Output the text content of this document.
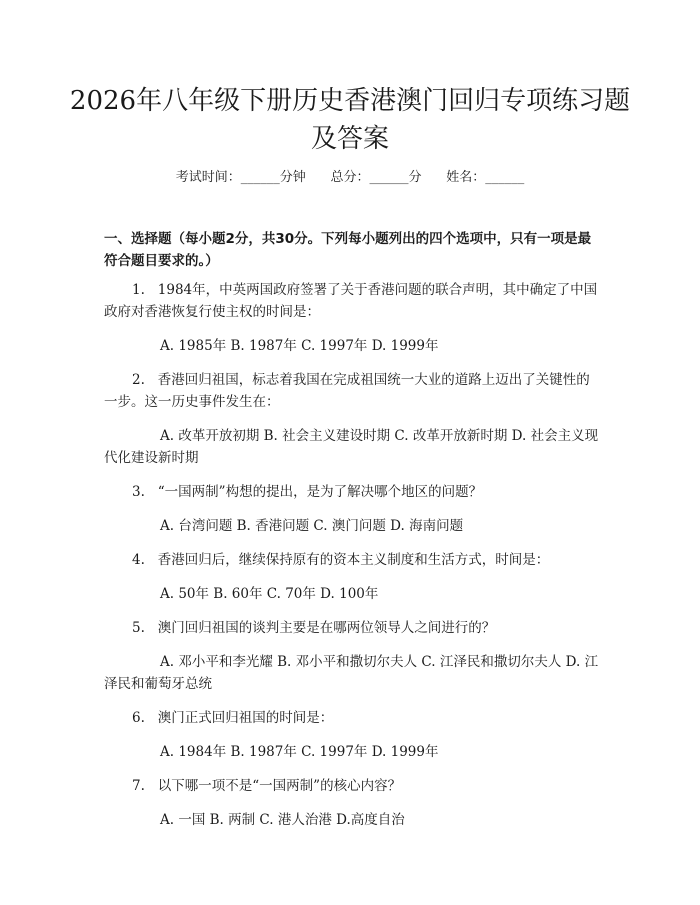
2026年八年级下册历史香港澳门回归专项练习题及答案
考试时间：______分钟      总分：______分      姓名：______
一、选择题（每小题2分，共30分。下列每小题列出的四个选项中，只有一项是最符合题目要求的。）

1. 1984年，中英两国政府签署了关于香港问题的联合声明，其中确定了中国政府对香港恢复行使主权的时间是：

A. 1985年 B. 1987年 C. 1997年 D. 1999年

2. 香港回归祖国，标志着我国在完成祖国统一大业的道路上迈出了关键性的一步。这一历史事件发生在：

A. 改革开放初期 B. 社会主义建设时期 C. 改革开放新时期 D. 社会主义现代化建设新时期

3. “一国两制”构想的提出，是为了解决哪个地区的问题？

A. 台湾问题 B. 香港问题 C. 澳门问题 D. 海南问题

4. 香港回归后，继续保持原有的资本主义制度和生活方式，时间是：

A. 50年 B. 60年 C. 70年 D. 100年

5. 澳门回归祖国的谈判主要是在哪两位领导人之间进行的？

A. 邓小平和李光耀 B. 邓小平和撒切尔夫人 C. 江泽民和撒切尔夫人 D. 江泽民和葡萄牙总统

6. 澳门正式回归祖国的时间是：

A. 1984年 B. 1987年 C. 1997年 D. 1999年

7. 以下哪一项不是“一国两制”的核心内容？

A. 一国 B. 两制 C. 港人治港 D.高度自治
